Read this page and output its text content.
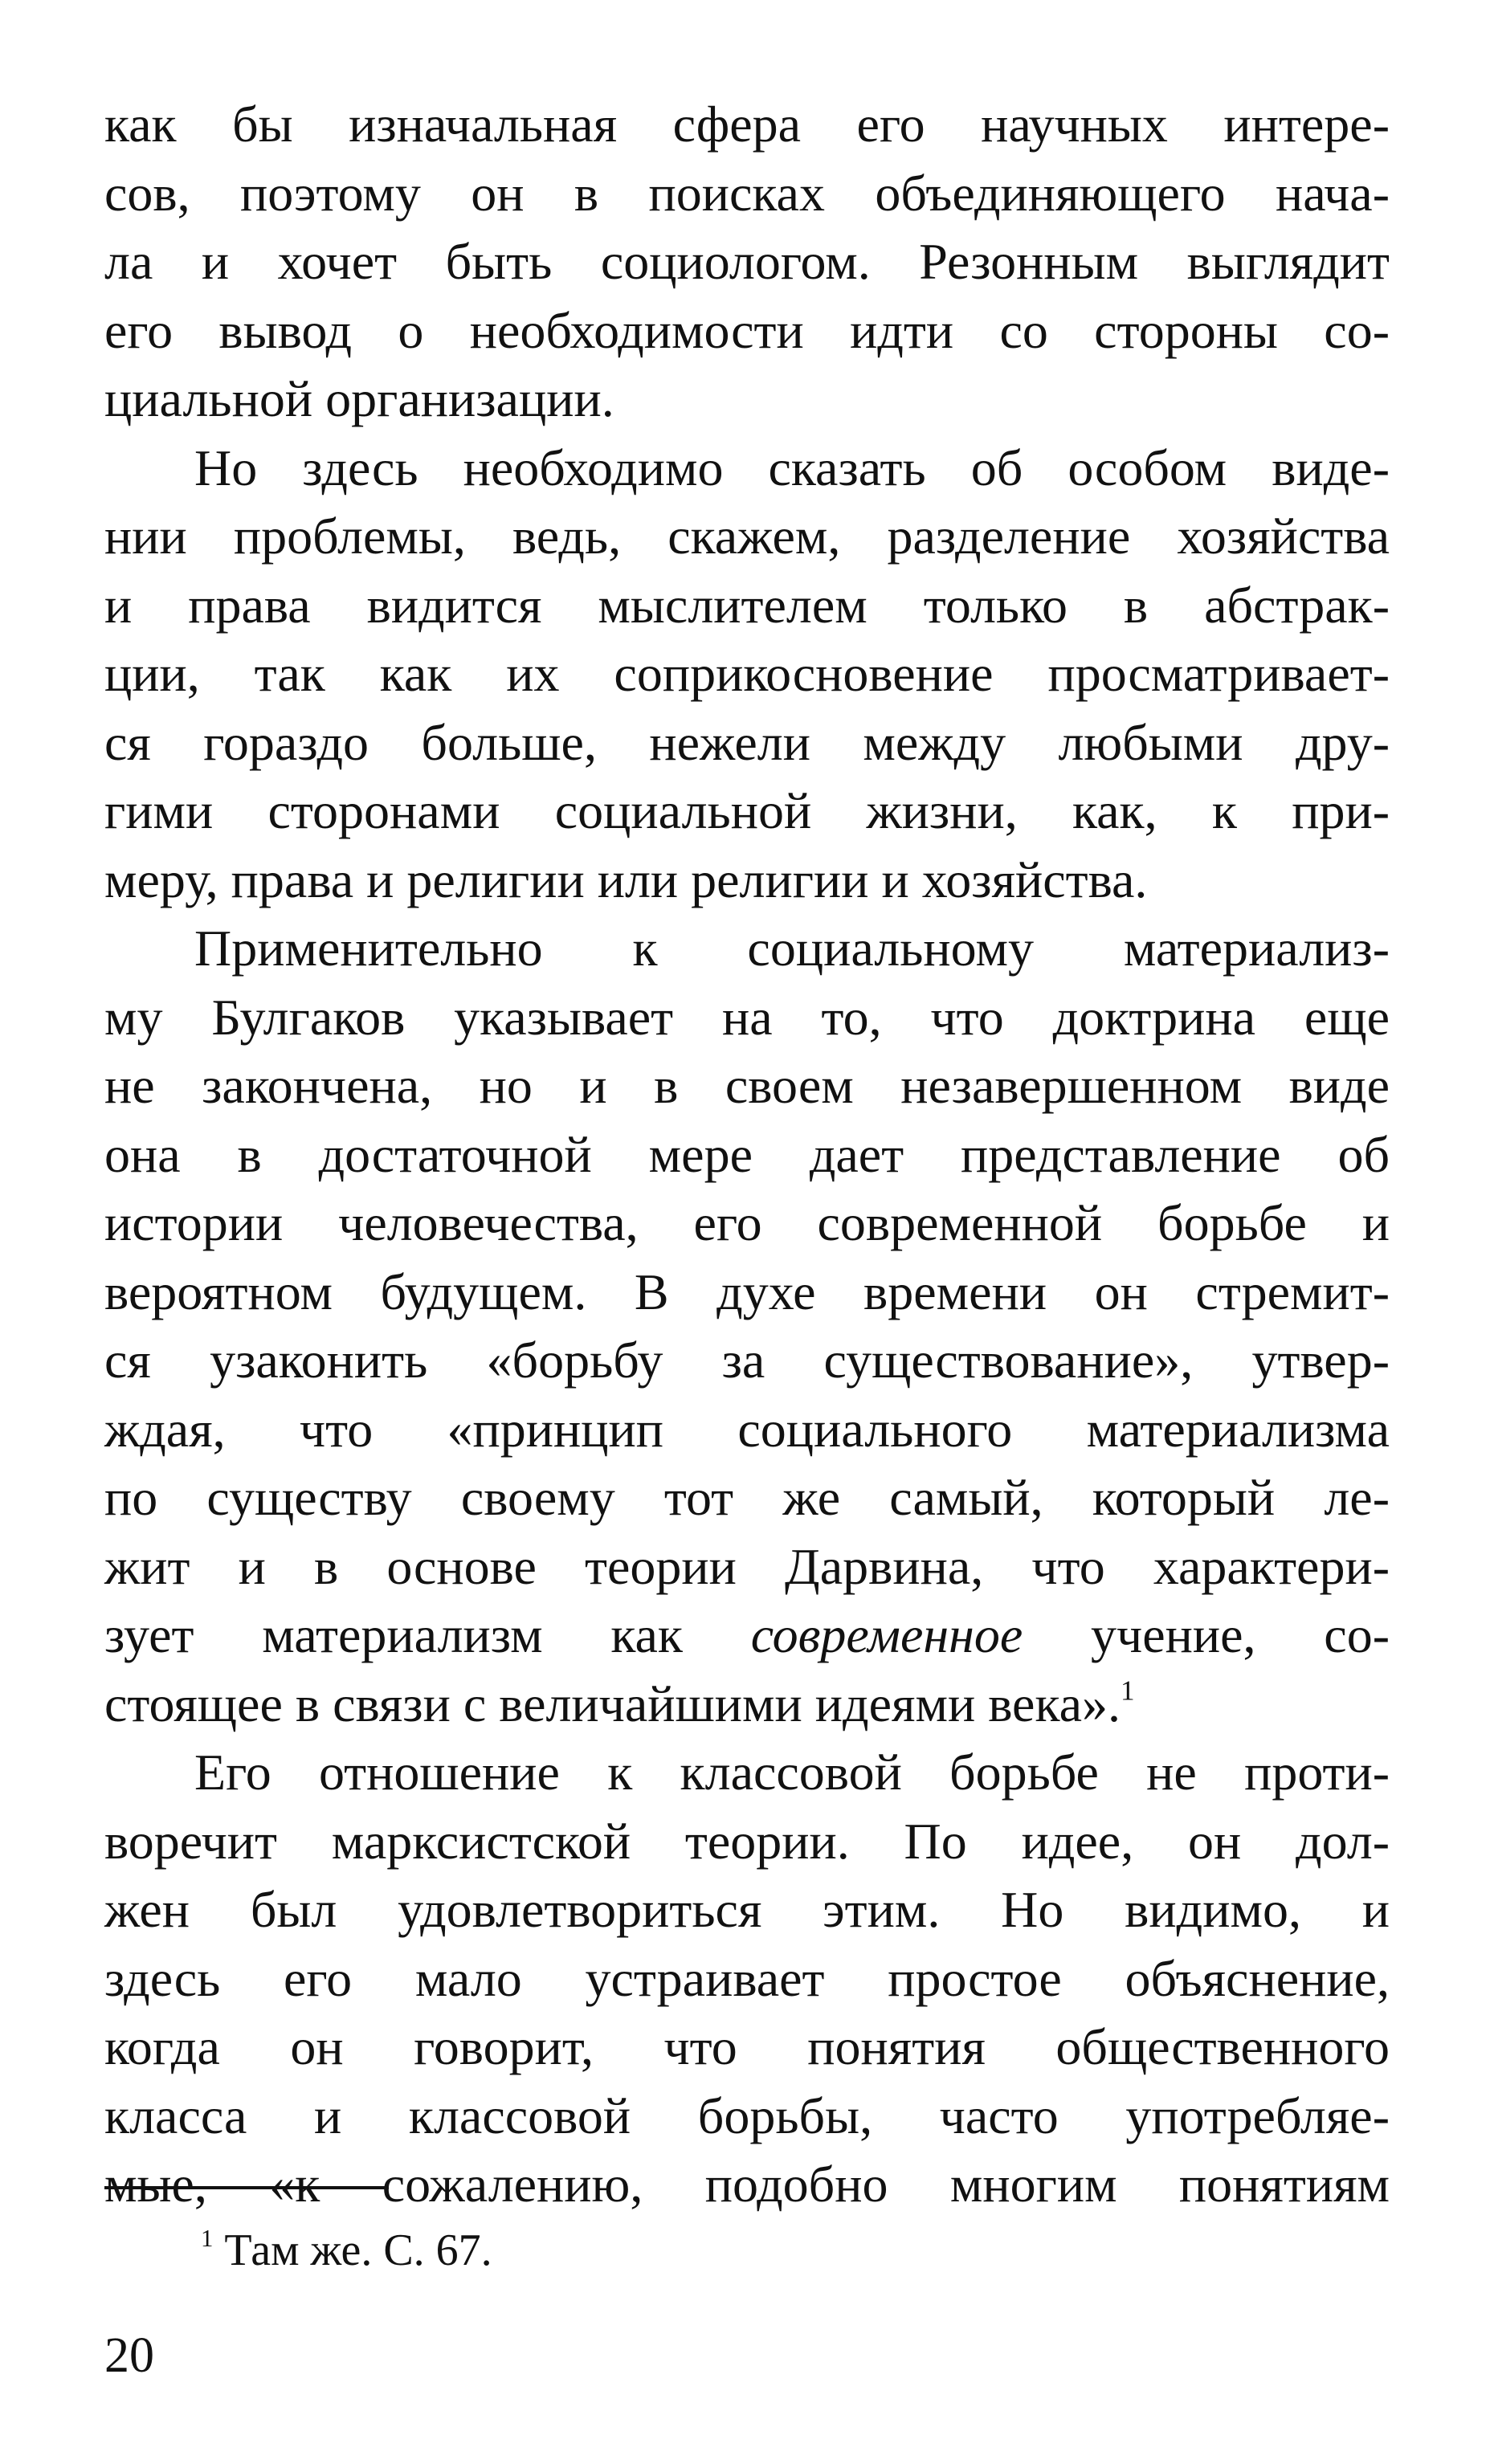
как бы изначальная сфера его научных интере-
сов, поэтому он в поисках объединяющего нача-
ла и хочет быть социологом. Резонным выглядит
его вывод о необходимости идти со стороны со-
циальной организации.
Но здесь необходимо сказать об особом виде-
нии проблемы, ведь, скажем, разделение хозяйства
и права видится мыслителем только в абстрак-
ции, так как их соприкосновение просматривает-
ся гораздо больше, нежели между любыми дру-
гими сторонами социальной жизни, как, к при-
меру, права и религии или религии и хозяйства.
Применительно к социальному материализ-
му Булгаков указывает на то, что доктрина еще
не закончена, но и в своем незавершенном виде
она в достаточной мере дает представление об
истории человечества, его современной борьбе и
вероятном будущем. В духе времени он стремит-
ся узаконить «борьбу за существование», утвер-
ждая, что «принцип социального материализма
по существу своему тот же самый, который ле-
жит и в основе теории Дарвина, что характери-
зует материализм как современное учение, со-
стоящее в связи с величайшими идеями века».$^1$
Его отношение к классовой борьбе не проти-
воречит марксистской теории. По идее, он дол-
жен был удовлетвориться этим. Но видимо, и
здесь его мало устраивает простое объяснение,
когда он говорит, что понятия общественного
класса и классовой борьбы, часто употребляе-
мые, «к сожалению, подобно многим понятиям
$^1$ Там же. С. 67.
20
